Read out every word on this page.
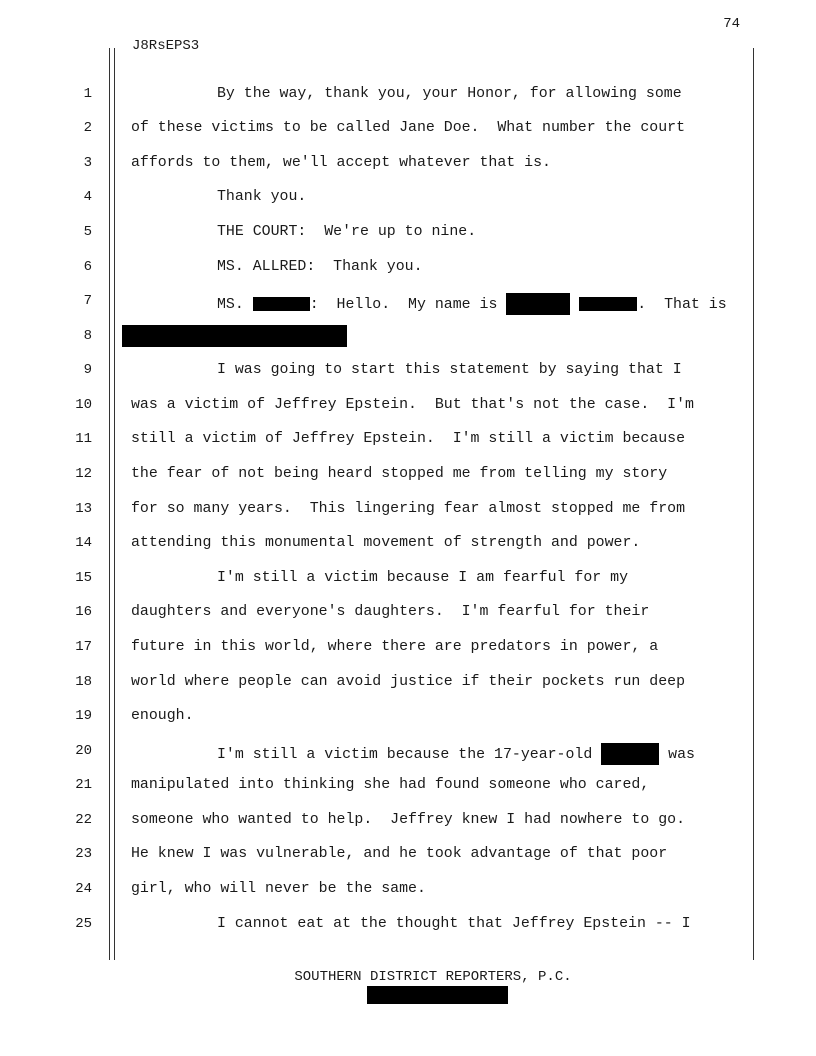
74
J8RsEPS3
1
2
3
4
5
6
7
8
9
10
11
12
13
14
15
16
17
18
19
20
21
22
23
24
25
By the way, thank you, your Honor, for allowing some
of these victims to be called Jane Doe.  What number the court
affords to them, we'll accept whatever that is.
Thank you.
THE COURT:  We're up to nine.
MS. ALLRED:  Thank you.
MS.	:  Hello.  My name is	.  That is
I was going to start this statement by saying that I
was a victim of Jeffrey Epstein.  But that's not the case.  I'm
still a victim of Jeffrey Epstein.  I'm still a victim because
the fear of not being heard stopped me from telling my story
for so many years.  This lingering fear almost stopped me from
attending this monumental movement of strength and power.
I'm still a victim because I am fearful for my
daughters and everyone's daughters.  I'm fearful for their
future in this world, where there are predators in power, a
world where people can avoid justice if their pockets run deep
enough.
I'm still a victim because the 17-year-old	was
manipulated into thinking she had found someone who cared,
someone who wanted to help.  Jeffrey knew I had nowhere to go.
He knew I was vulnerable, and he took advantage of that poor
girl, who will never be the same.
I cannot eat at the thought that Jeffrey Epstein -- I
SOUTHERN DISTRICT REPORTERS, P.C.
